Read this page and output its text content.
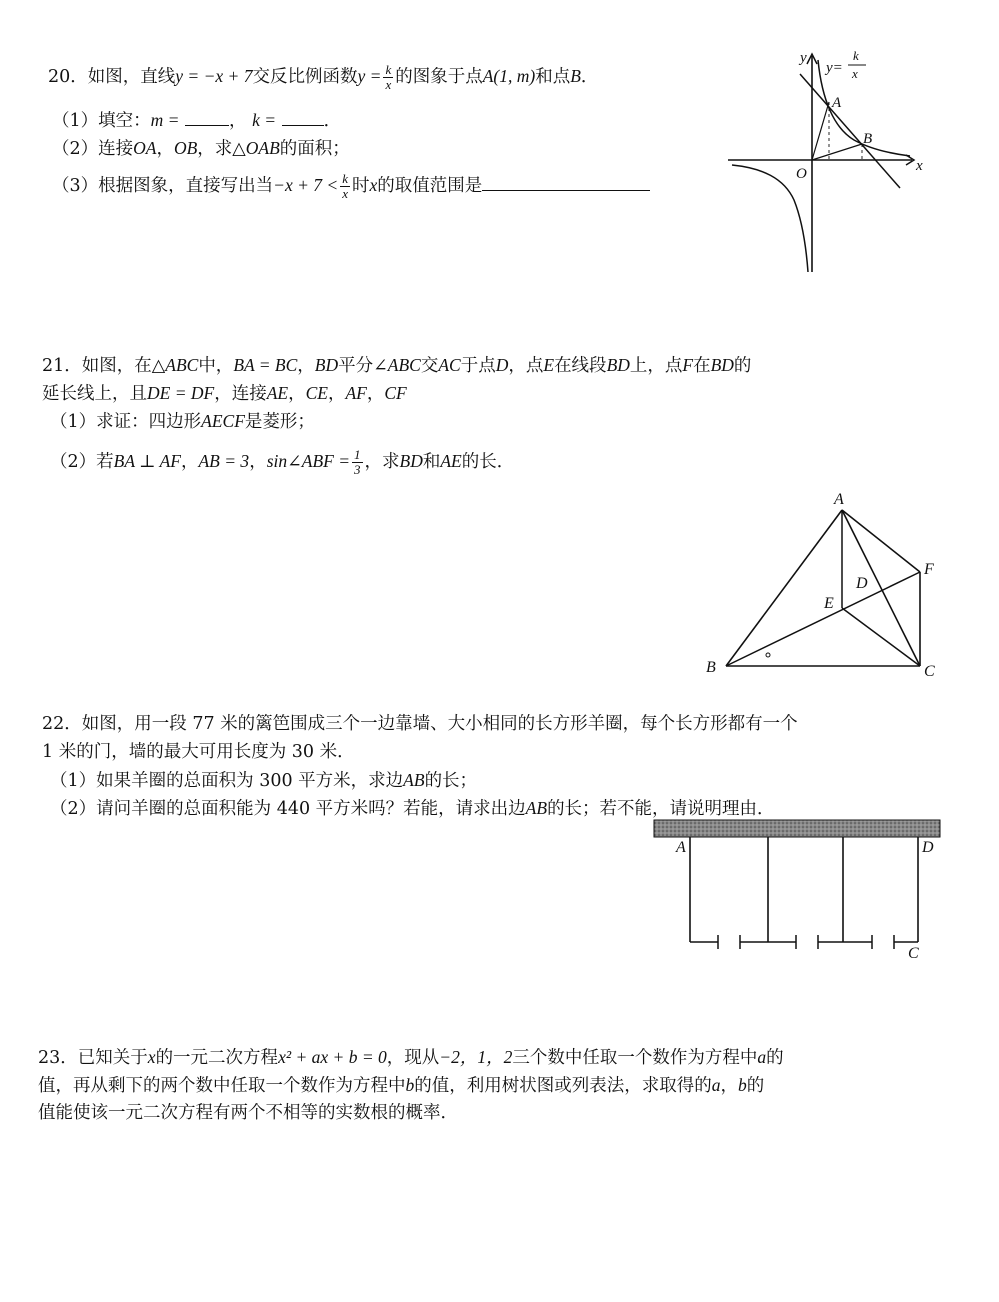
20．如图，直线y = −x + 7交反比例函数$y = \frac{k}{x}$ 的图象于点A(1, m)和点B．
（1）填空：m =	， k =	．
（2）连接OA，OB，求△OAB的面积；
（3）根据图象，直接写出当$-x + 7 < \frac{k}{x}$ 时x的取值范围是
y
y=
k
x
A
B
O	x
21．如图，在△ABC中，BA = BC，BD平分∠ABC交AC于点D，点E在线段BD上，点F在BD的
延长线上，且DE = DF，连接AE，CE，AF，CF
（1）求证：四边形AECF是菱形；
（2）若BA ⊥ AF，AB = 3，sin∠ABF = $\frac{1}{3}$ ，求BD和AE的长．
A
B	C
D
E
F
22．如图，用一段 77 米的篱笆围成三个一边靠墙、大小相同的长方形羊圈，每个长方形都有一个
1 米的门，墙的最大可用长度为 30 米．
（1）如果羊圈的总面积为 300 平方米，求边AB的长；
（2）请问羊圈的总面积能为 440 平方米吗？若能，请求出边AB的长；若不能，请说明理由．
A	D
C
23．已知关于x的一元二次方程x² + ax + b = 0，现从−2，1，2三个数中任取一个数作为方程中a的
值，再从剩下的两个数中任取一个数作为方程中b的值，利用树状图或列表法，求取得的a，b的
值能使该一元二次方程有两个不相等的实数根的概率．
